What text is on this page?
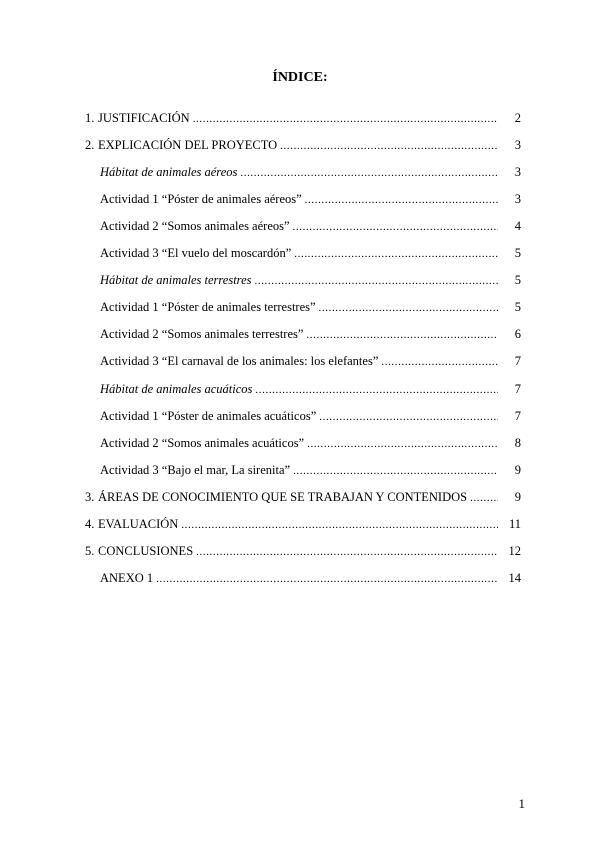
ÍNDICE:
1. JUSTIFICACIÓN .....	2
2. EXPLICACIÓN DEL PROYECTO .....	3
Hábitat de animales aéreos .....	3
Actividad 1 “Póster de animales aéreos” .....	3
Actividad 2 “Somos animales aéreos” .....	4
Actividad 3 “El vuelo del moscardón” .....	5
Hábitat de animales terrestres .....	5
Actividad 1 “Póster de animales terrestres” .....	5
Actividad 2 “Somos animales terrestres” .....	6
Actividad 3 “El carnaval de los animales: los elefantes” .....	7
Hábitat de animales acuáticos .....	7
Actividad 1 “Póster de animales acuáticos” .....	7
Actividad 2 “Somos animales acuáticos” .....	8
Actividad 3 “Bajo el mar, La sirenita” .....	9
3. ÁREAS DE CONOCIMIENTO QUE SE TRABAJAN Y CONTENIDOS .....	9
4. EVALUACIÓN .....	11
5. CONCLUSIONES .....	12
ANEXO 1 .....	14
1
